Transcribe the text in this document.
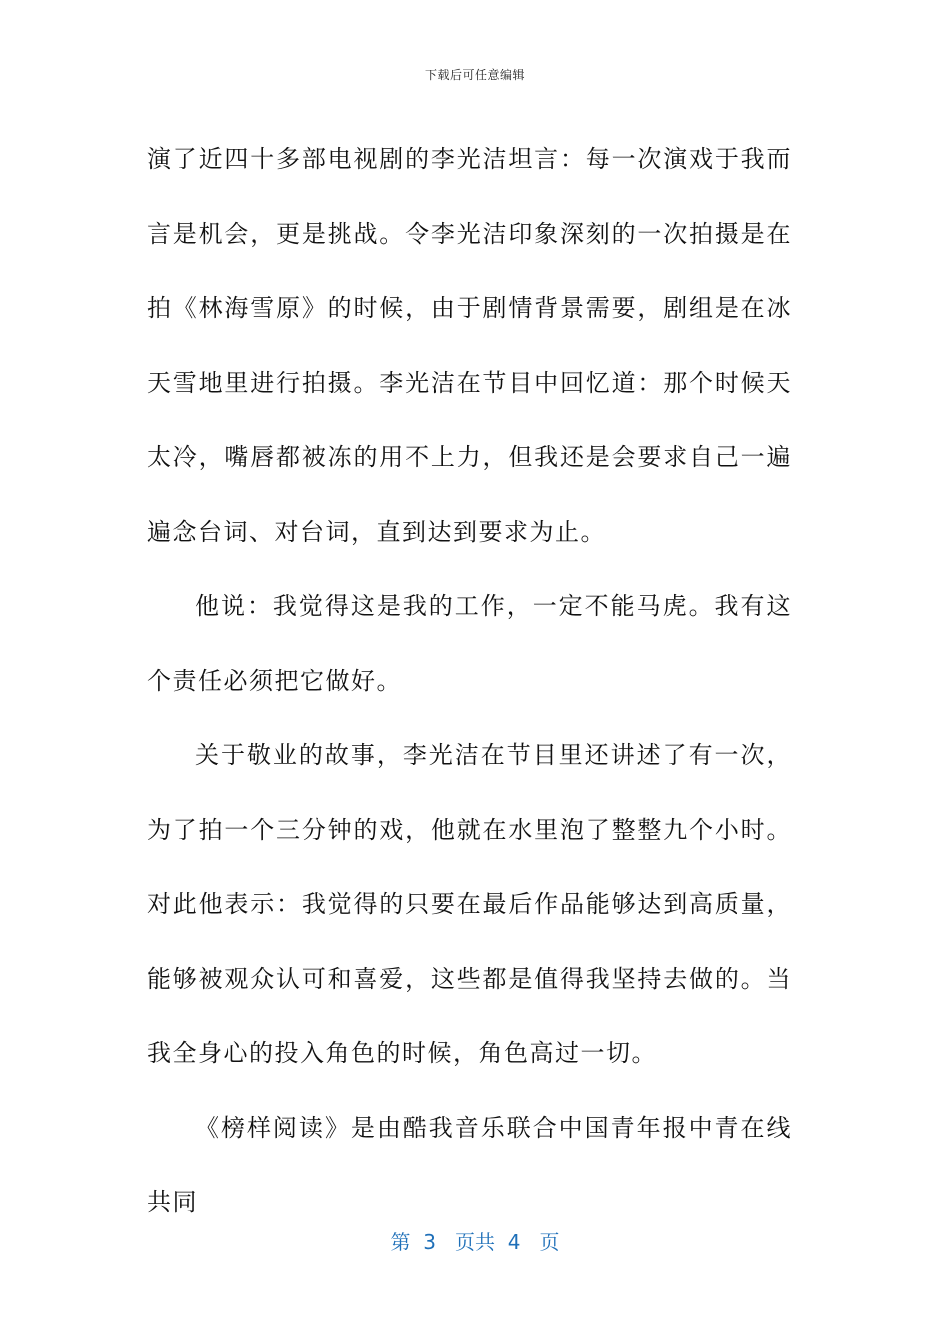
下载后可任意编辑

演了近四十多部电视剧的李光洁坦言：每一次演戏于我而言是机会，更是挑战。令李光洁印象深刻的一次拍摄是在拍《林海雪原》的时候，由于剧情背景需要，剧组是在冰天雪地里进行拍摄。李光洁在节目中回忆道：那个时候天太冷，嘴唇都被冻的用不上力，但我还是会要求自己一遍遍念台词、对台词，直到达到要求为止。

他说：我觉得这是我的工作，一定不能马虎。我有这个责任必须把它做好。

关于敬业的故事，李光洁在节目里还讲述了有一次，为了拍一个三分钟的戏，他就在水里泡了整整九个小时。对此他表示：我觉得的只要在最后作品能够达到高质量，能够被观众认可和喜爱，这些都是值得我坚持去做的。当我全身心的投入角色的时候，角色高过一切。

《榜样阅读》是由酷我音乐联合中国青年报中青在线共同

第  3   页共  4   页
